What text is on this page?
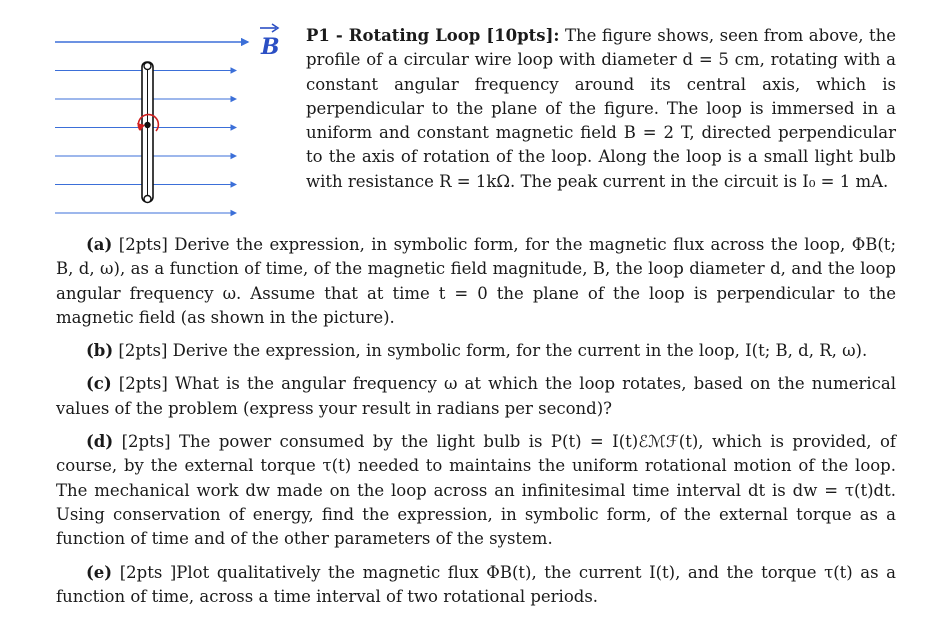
B P1 - Rotating Loop [10pts]: The figure shows, seen from above, the profile of a circular wire loop with diameter d = 5 cm, rotating with a constant angular frequency around its central axis, which is perpendicular to the plane of the figure. The loop is immersed in a uniform and constant magnetic field B = 2 T, directed perpendicular to the axis of rotation of the loop. Along the loop is a small light bulb with resistance R = 1kΩ. The peak current in the circuit is I₀ = 1 mA.

(a) [2pts] Derive the expression, in symbolic form, for the magnetic flux across the loop, ΦB(t; B, d, ω), as a function of time, of the magnetic field magnitude, B, the loop diameter d, and the loop angular frequency ω. Assume that at time t = 0 the plane of the loop is perpendicular to the magnetic field (as shown in the picture).

(b) [2pts] Derive the expression, in symbolic form, for the current in the loop, I(t; B, d, R, ω).

(c) [2pts] What is the angular frequency ω at which the loop rotates, based on the numerical values of the problem (express your result in radians per second)?

(d) [2pts] The power consumed by the light bulb is P(t) = I(t)ℰℳℱ(t), which is provided, of course, by the external torque τ(t) needed to maintains the uniform rotational motion of the loop. The mechanical work dw made on the loop across an infinitesimal time interval dt is dw = τ(t)dt. Using conservation of energy, find the expression, in symbolic form, of the external torque as a function of time and of the other parameters of the system.

(e) [2pts ]Plot qualitatively the magnetic flux ΦB(t), the current I(t), and the torque τ(t) as a function of time, across a time interval of two rotational periods.
